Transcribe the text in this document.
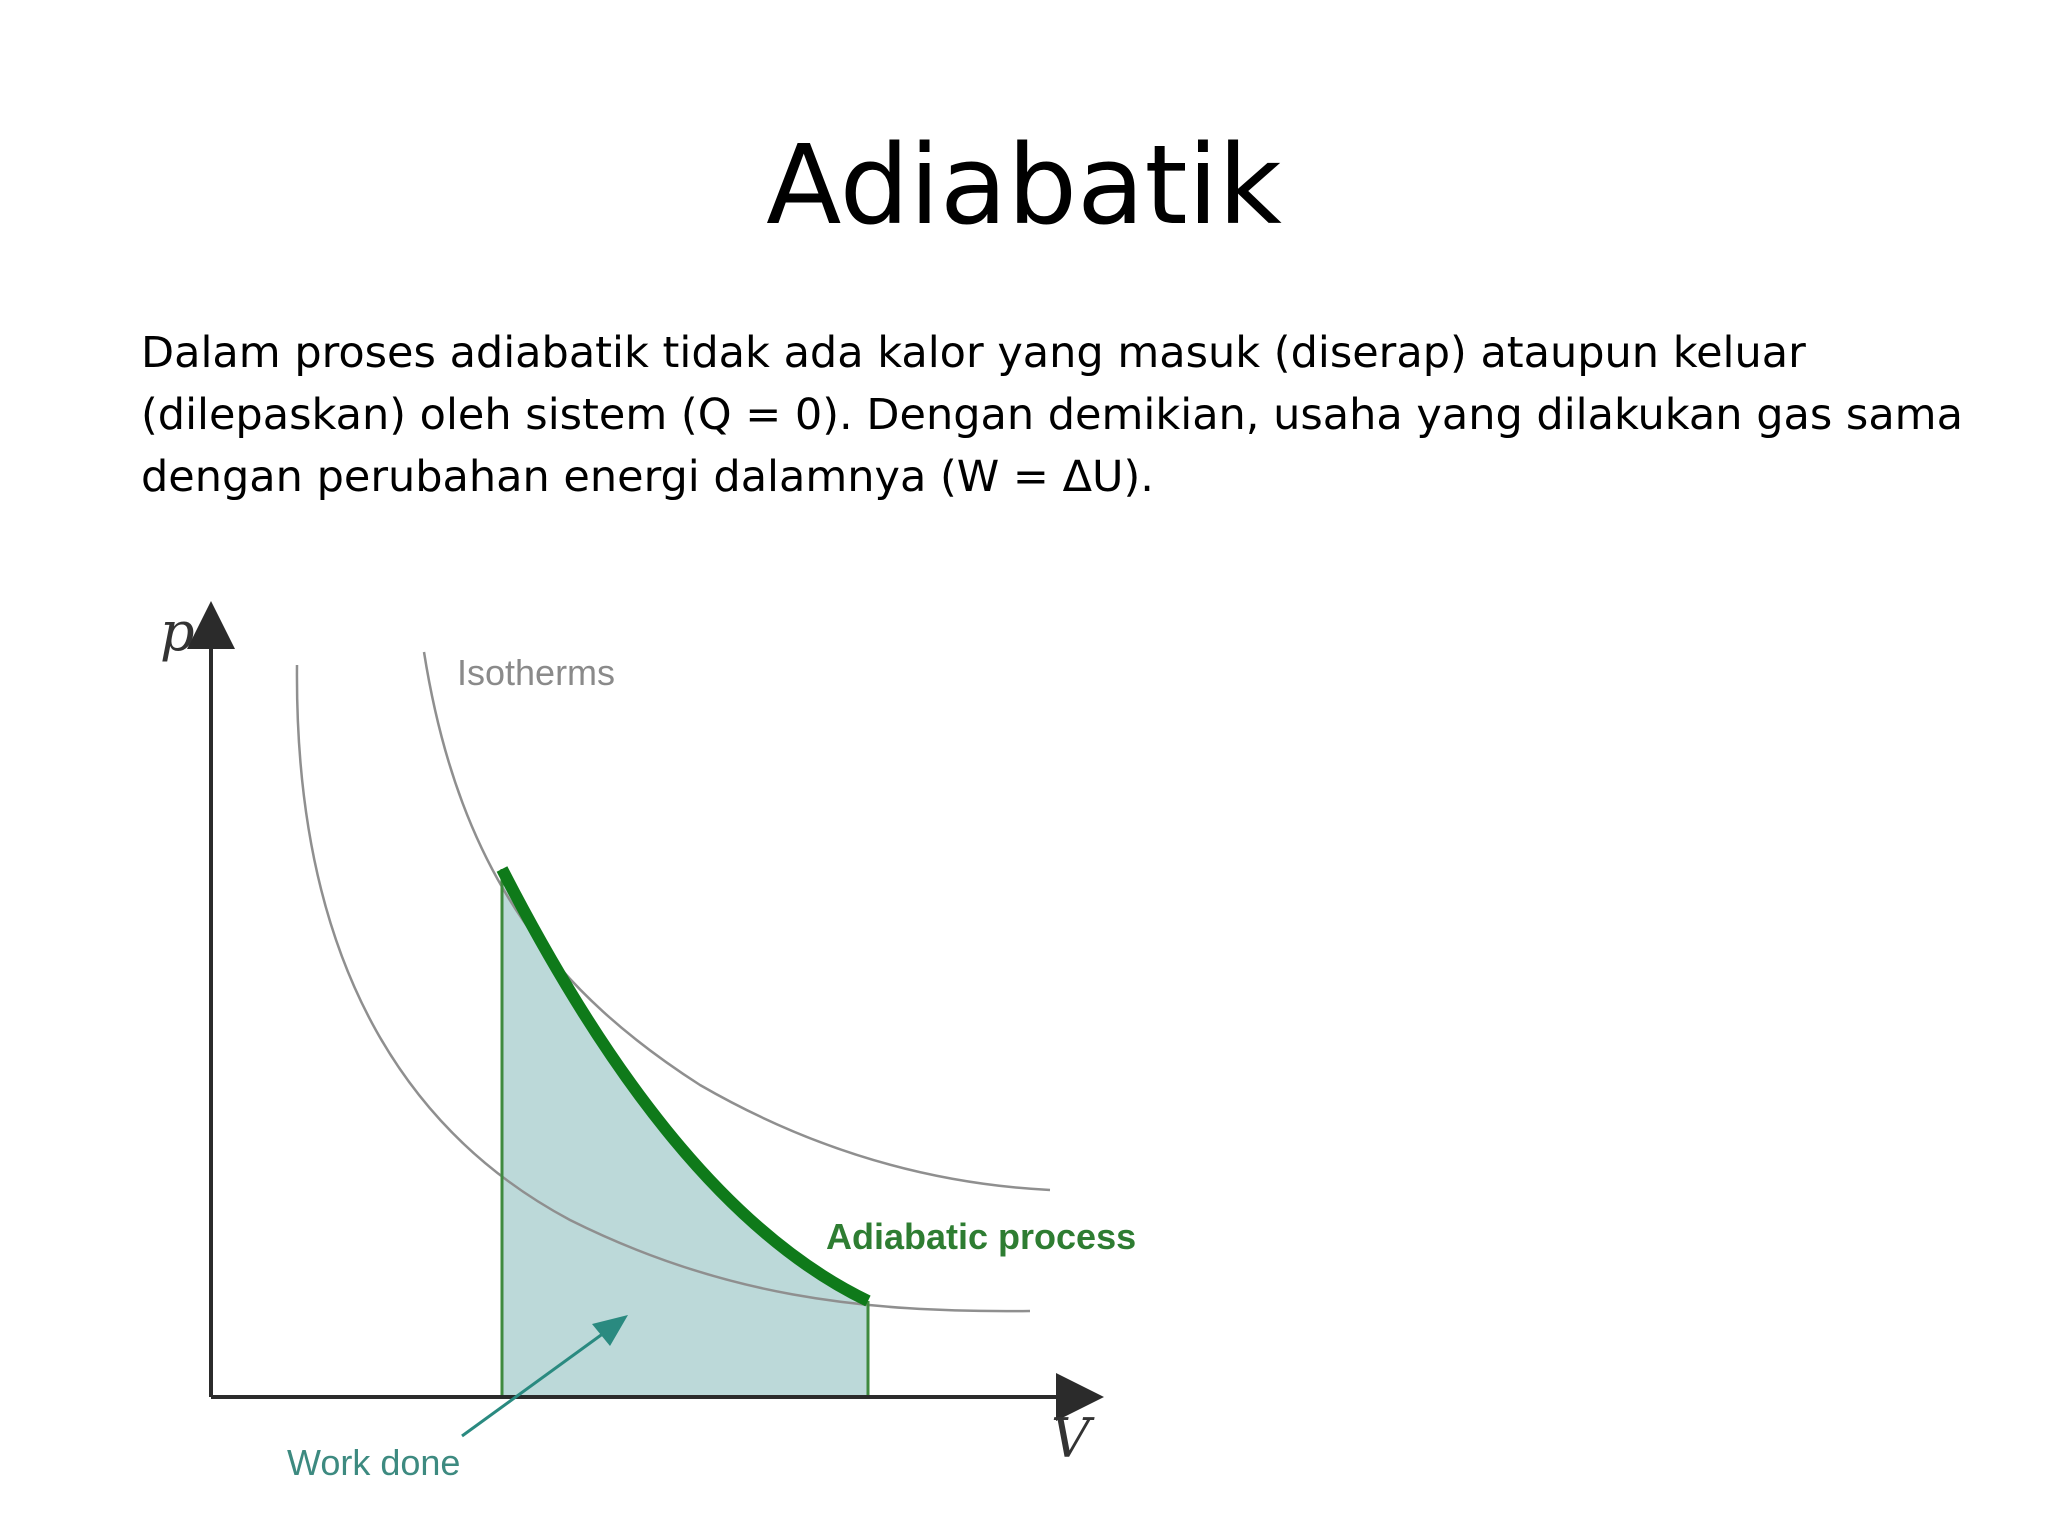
Adiabatik
Dalam proses adiabatik tidak ada kalor yang masuk (diserap) ataupun keluar
(dilepaskan) oleh sistem (Q = 0). Dengan demikian, usaha yang dilakukan gas sama
dengan perubahan energi dalamnya (W = ΔU).
p
V
Isotherms
Adiabatic process
Work done
